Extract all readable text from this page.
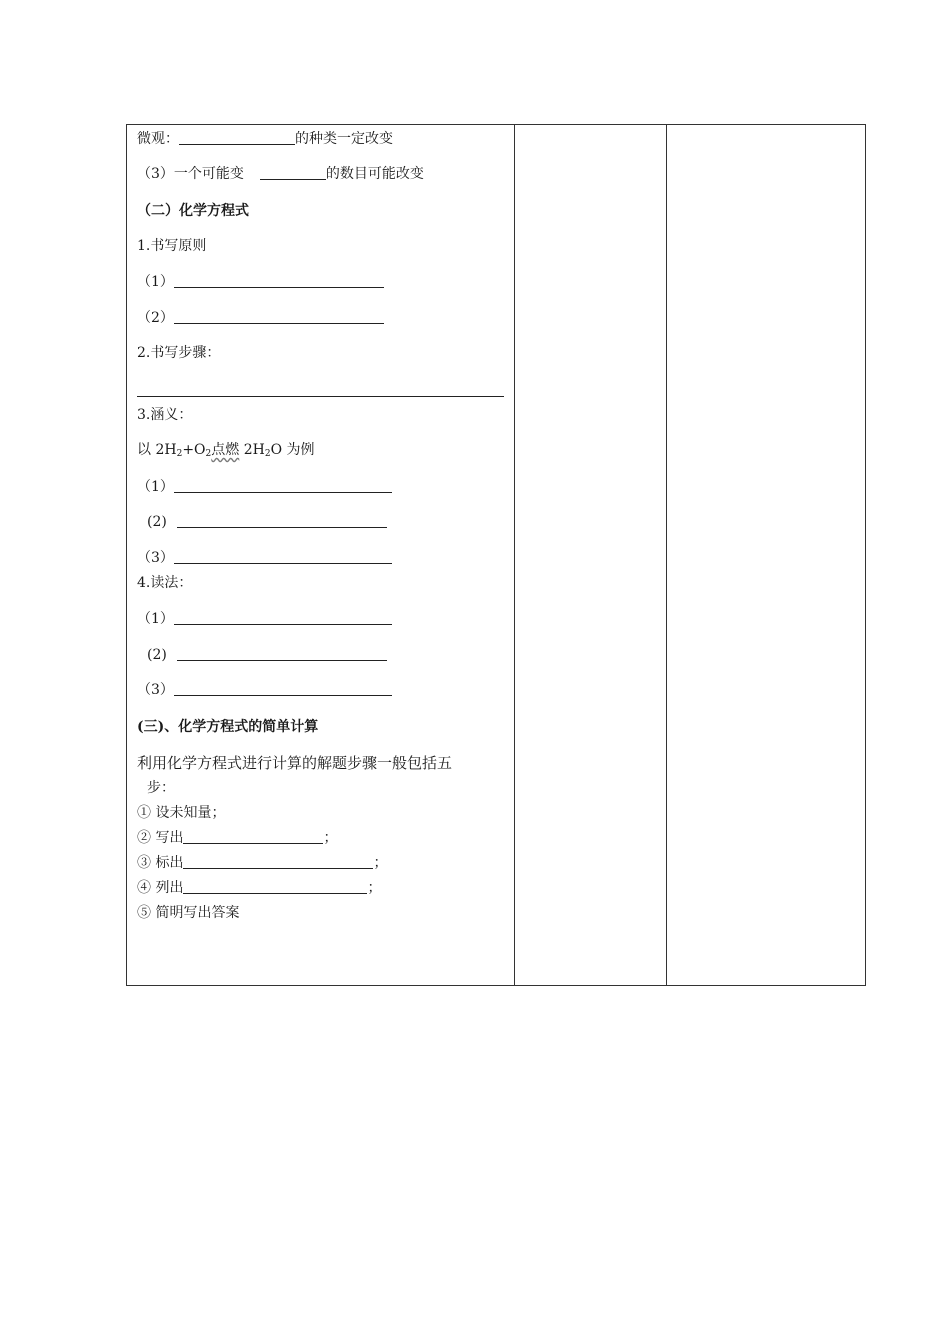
微观：	的种类一定改变
（3）一个可能变	的数目可能改变
（二）化学方程式
1.书写原则
（1）
（2）
2.书写步骤：
3.涵义：
以 $2H_2+O_2$点燃 $2H_2O$ 为例
（1）
(2)
（3）
4.读法：
（1）
(2)
（3）
(三)、化学方程式的简单计算
利用化学方程式进行计算的解题步骤一般包括五
步：
① 设未知量；
② 写出	；
③ 标出	；
④ 列出	；
⑤ 简明写出答案
